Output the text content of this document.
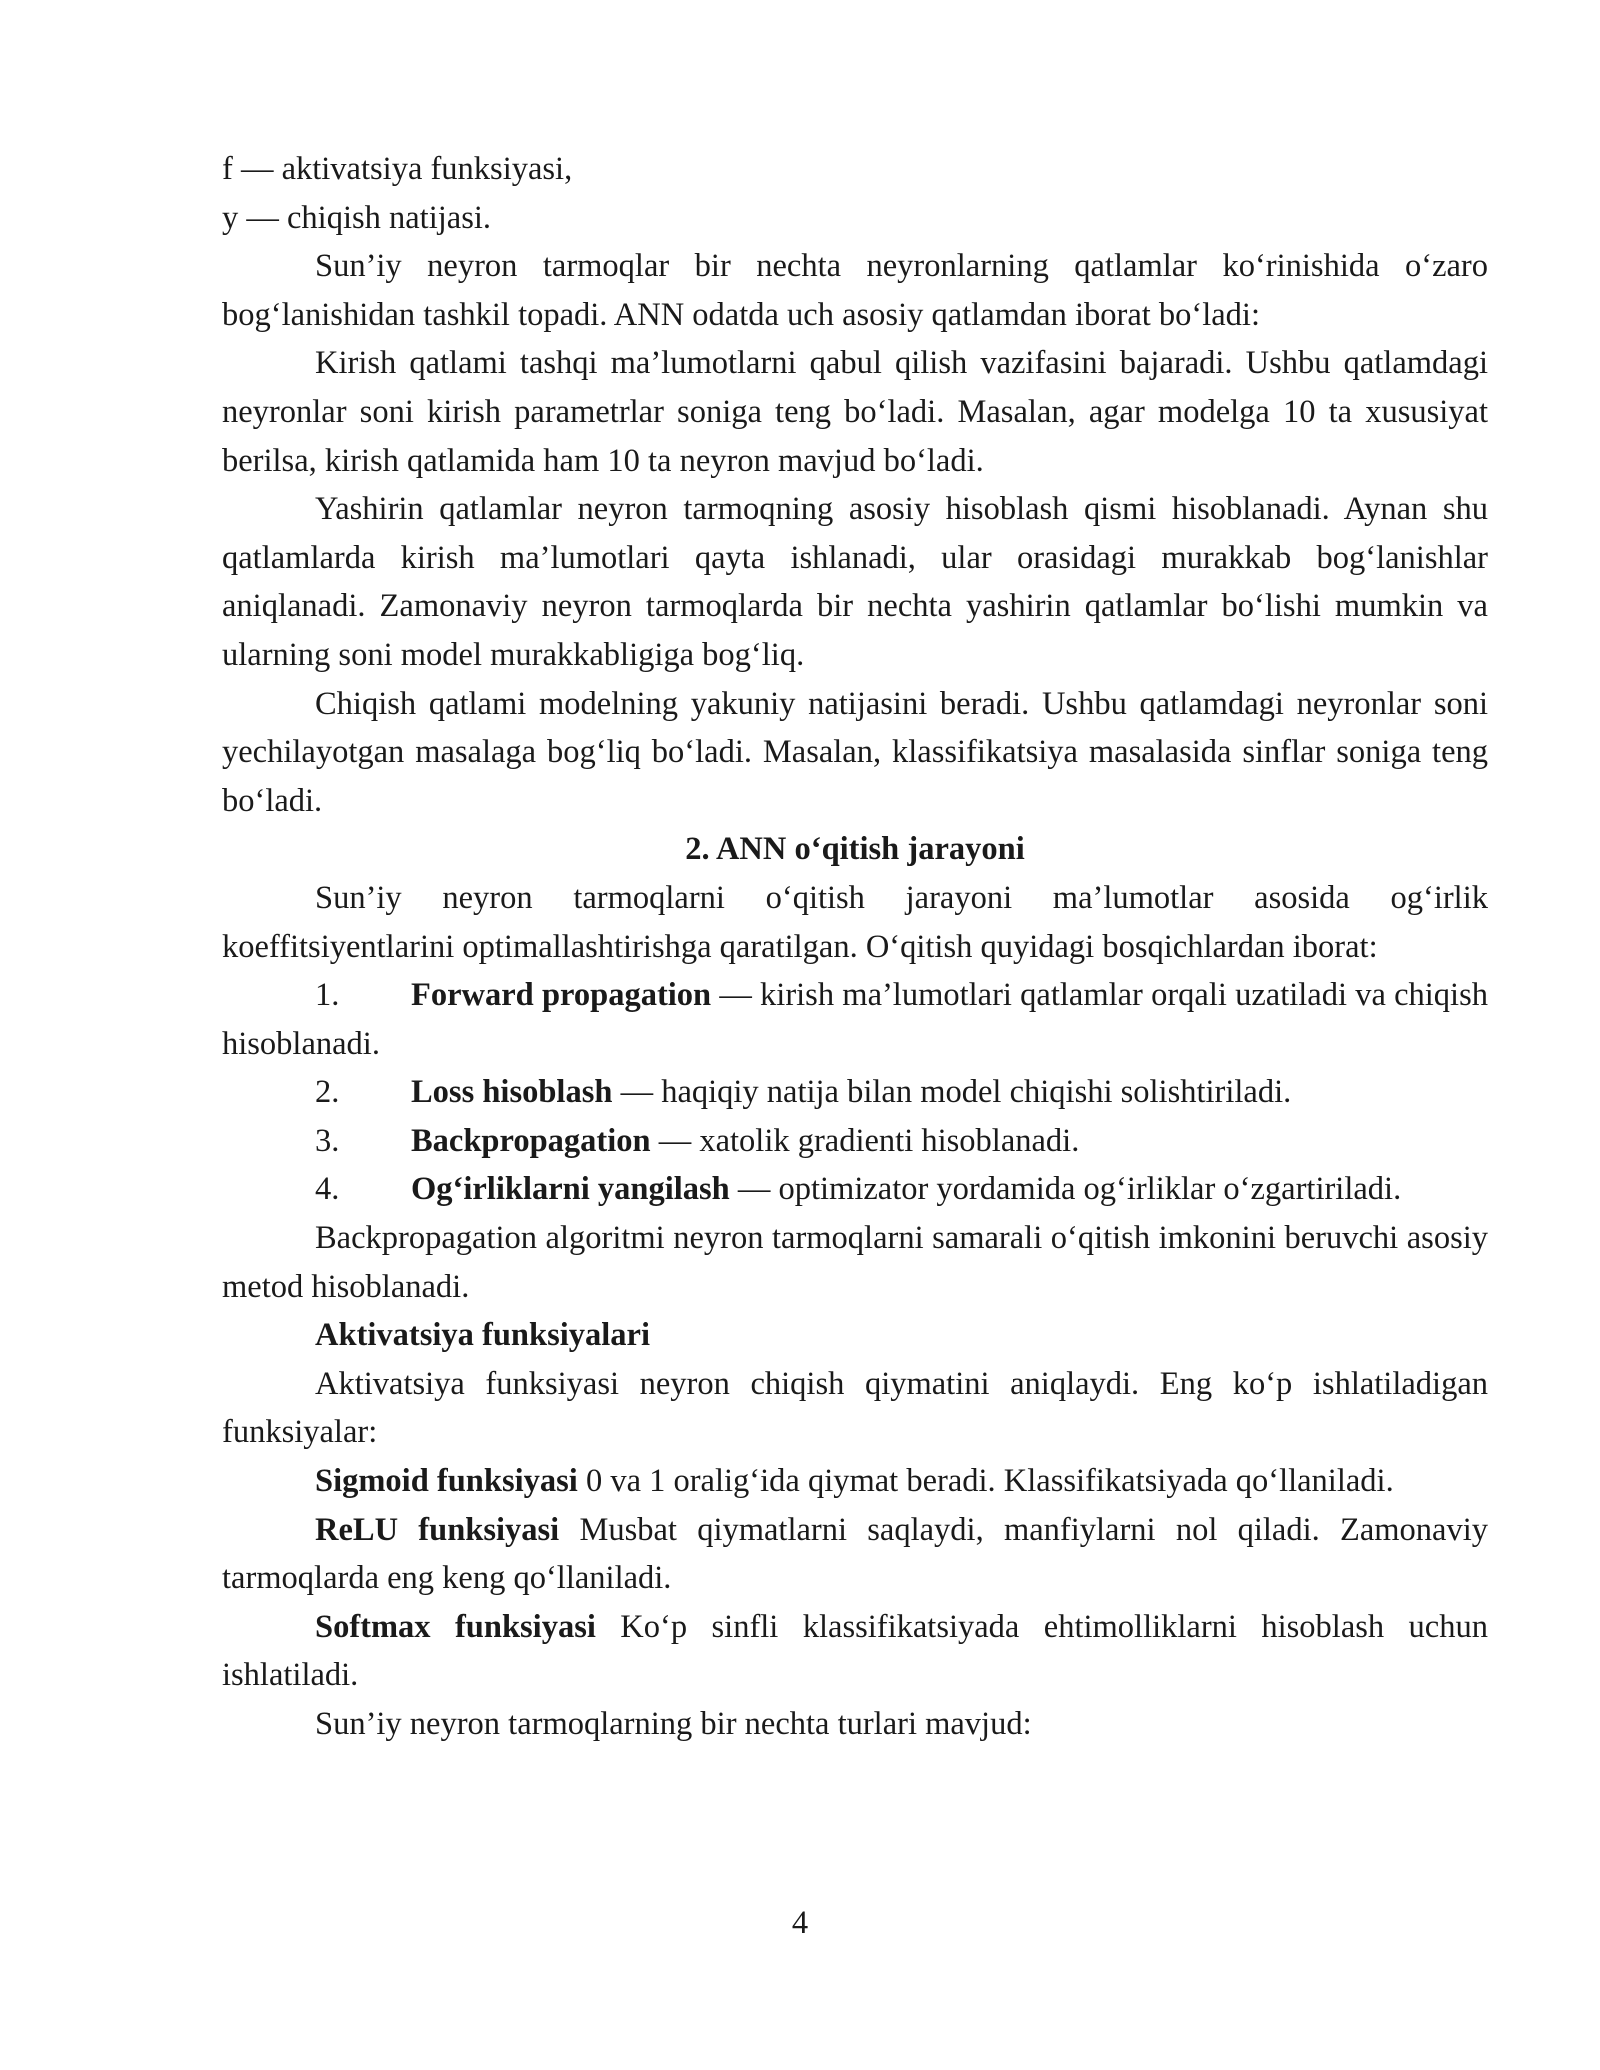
f — aktivatsiya funksiyasi,

y — chiqish natijasi.

Sun’iy neyron tarmoqlar bir nechta neyronlarning qatlamlar ko‘rinishida o‘zaro bog‘lanishidan tashkil topadi. ANN odatda uch asosiy qatlamdan iborat bo‘ladi:

Kirish qatlami tashqi ma’lumotlarni qabul qilish vazifasini bajaradi. Ushbu qatlamdagi neyronlar soni kirish parametrlar soniga teng bo‘ladi. Masalan, agar modelga 10 ta xususiyat berilsa, kirish qatlamida ham 10 ta neyron mavjud bo‘ladi.

Yashirin qatlamlar neyron tarmoqning asosiy hisoblash qismi hisoblanadi. Aynan shu qatlamlarda kirish ma’lumotlari qayta ishlanadi, ular orasidagi murakkab bog‘lanishlar aniqlanadi. Zamonaviy neyron tarmoqlarda bir nechta yashirin qatlamlar bo‘lishi mumkin va ularning soni model murakkabligiga bog‘liq.

Chiqish qatlami modelning yakuniy natijasini beradi. Ushbu qatlamdagi neyronlar soni yechilayotgan masalaga bog‘liq bo‘ladi. Masalan, klassifikatsiya masalasida sinflar soniga teng bo‘ladi.

2. ANN o‘qitish jarayoni

Sun’iy neyron tarmoqlarni o‘qitish jarayoni ma’lumotlar asosida og‘irlik koeffitsiyentlarini optimallashtirishga qaratilgan. O‘qitish quyidagi bosqichlardan iborat:

1. Forward propagation — kirish ma’lumotlari qatlamlar orqali uzatiladi va chiqish hisoblanadi.

2. Loss hisoblash — haqiqiy natija bilan model chiqishi solishtiriladi.

3. Backpropagation — xatolik gradienti hisoblanadi.

4. Og‘irliklarni yangilash — optimizator yordamida og‘irliklar o‘zgartiriladi.

Backpropagation algoritmi neyron tarmoqlarni samarali o‘qitish imkonini beruvchi asosiy metod hisoblanadi.

Aktivatsiya funksiyalari

Aktivatsiya funksiyasi neyron chiqish qiymatini aniqlaydi. Eng ko‘p ishlatiladigan funksiyalar:

Sigmoid funksiyasi 0 va 1 oralig‘ida qiymat beradi. Klassifikatsiyada qo‘llaniladi.

ReLU funksiyasi Musbat qiymatlarni saqlaydi, manfiylarni nol qiladi. Zamonaviy tarmoqlarda eng keng qo‘llaniladi.

Softmax funksiyasi Ko‘p sinfli klassifikatsiyada ehtimolliklarni hisoblash uchun ishlatiladi.

Sun’iy neyron tarmoqlarning bir nechta turlari mavjud:

4
